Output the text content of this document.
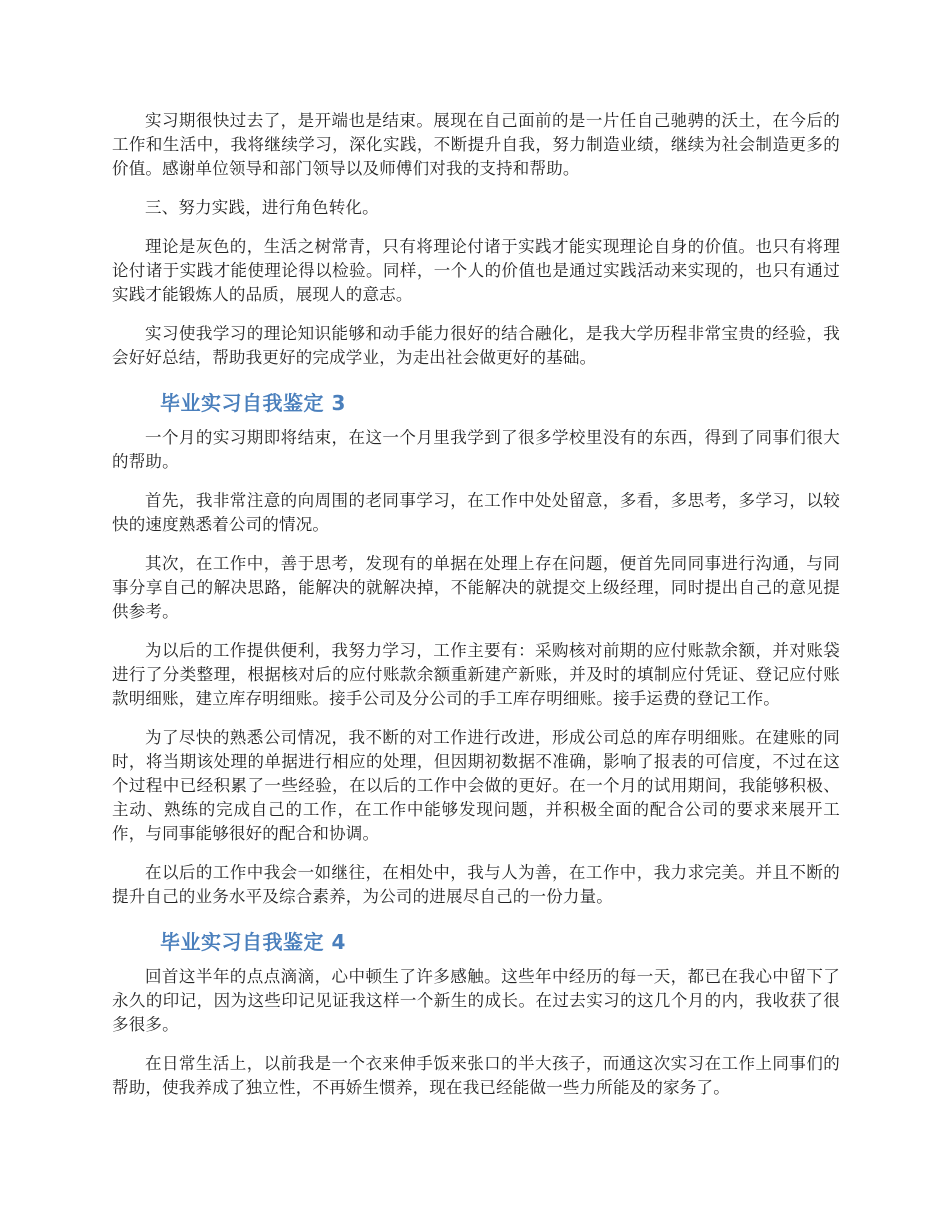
实习期很快过去了，是开端也是结束。展现在自己面前的是一片任自己驰骋的沃土，在今后的工作和生活中，我将继续学习，深化实践，不断提升自我，努力制造业绩，继续为社会制造更多的价值。感谢单位领导和部门领导以及师傅们对我的支持和帮助。

三、努力实践，进行角色转化。

理论是灰色的，生活之树常青，只有将理论付诸于实践才能实现理论自身的价值。也只有将理论付诸于实践才能使理论得以检验。同样，一个人的价值也是通过实践活动来实现的，也只有通过实践才能锻炼人的品质，展现人的意志。

实习使我学习的理论知识能够和动手能力很好的结合融化，是我大学历程非常宝贵的经验，我会好好总结，帮助我更好的完成学业，为走出社会做更好的基础。

毕业实习自我鉴定 3

一个月的实习期即将结束，在这一个月里我学到了很多学校里没有的东西，得到了同事们很大的帮助。

首先，我非常注意的向周围的老同事学习，在工作中处处留意，多看，多思考，多学习，以较快的速度熟悉着公司的情况。

其次，在工作中，善于思考，发现有的单据在处理上存在问题，便首先同同事进行沟通，与同事分享自己的解决思路，能解决的就解决掉，不能解决的就提交上级经理，同时提出自己的意见提供参考。

为以后的工作提供便利，我努力学习，工作主要有：采购核对前期的应付账款余额，并对账袋进行了分类整理，根据核对后的应付账款余额重新建产新账，并及时的填制应付凭证、登记应付账款明细账，建立库存明细账。接手公司及分公司的手工库存明细账。接手运费的登记工作。

为了尽快的熟悉公司情况，我不断的对工作进行改进，形成公司总的库存明细账。在建账的同时，将当期该处理的单据进行相应的处理，但因期初数据不准确，影响了报表的可信度，不过在这个过程中已经积累了一些经验，在以后的工作中会做的更好。在一个月的试用期间，我能够积极、主动、熟练的完成自己的工作，在工作中能够发现问题，并积极全面的配合公司的要求来展开工作，与同事能够很好的配合和协调。

在以后的工作中我会一如继往，在相处中，我与人为善，在工作中，我力求完美。并且不断的提升自己的业务水平及综合素养，为公司的进展尽自己的一份力量。

毕业实习自我鉴定 4

回首这半年的点点滴滴，心中顿生了许多感触。这些年中经历的每一天，都已在我心中留下了永久的印记，因为这些印记见证我这样一个新生的成长。在过去实习的这几个月的内，我收获了很多很多。

在日常生活上，以前我是一个衣来伸手饭来张口的半大孩子，而通这次实习在工作上同事们的帮助，使我养成了独立性，不再娇生惯养，现在我已经能做一些力所能及的家务了。
